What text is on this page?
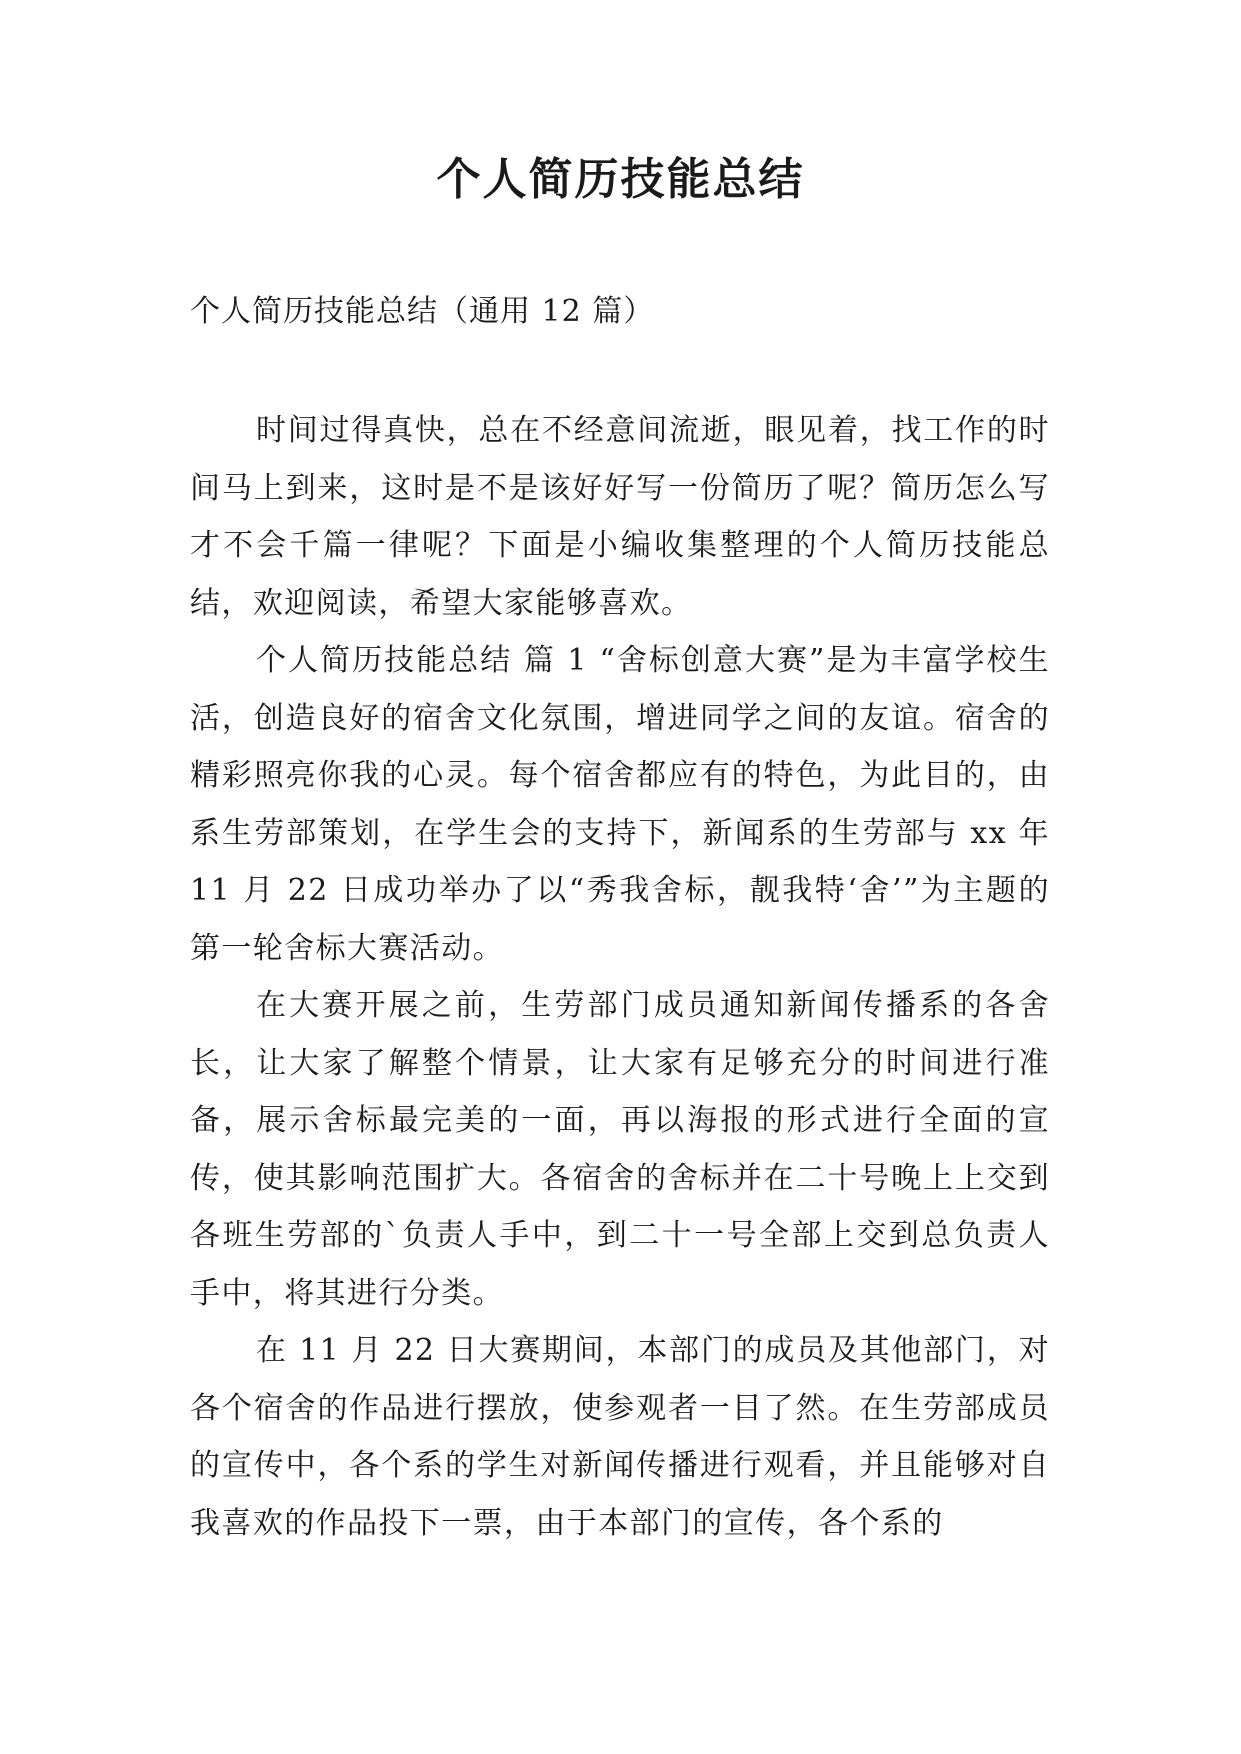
个人简历技能总结

个人简历技能总结（通用 12 篇）

时间过得真快，总在不经意间流逝，眼见着，找工作的时间马上到来，这时是不是该好好写一份简历了呢？简历怎么写才不会千篇一律呢？下面是小编收集整理的个人简历技能总结，欢迎阅读，希望大家能够喜欢。

个人简历技能总结 篇 1 “舍标创意大赛”是为丰富学校生活，创造良好的宿舍文化氛围，增进同学之间的友谊。宿舍的精彩照亮你我的心灵。每个宿舍都应有的特色，为此目的，由系生劳部策划，在学生会的支持下，新闻系的生劳部与 xx 年 11 月 22 日成功举办了以“秀我舍标，靓我特‘舍’”为主题的第一轮舍标大赛活动。

在大赛开展之前，生劳部门成员通知新闻传播系的各舍长，让大家了解整个情景，让大家有足够充分的时间进行准备，展示舍标最完美的一面，再以海报的形式进行全面的宣传，使其影响范围扩大。各宿舍的舍标并在二十号晚上上交到各班生劳部的`负责人手中，到二十一号全部上交到总负责人手中，将其进行分类。

在 11 月 22 日大赛期间，本部门的成员及其他部门，对各个宿舍的作品进行摆放，使参观者一目了然。在生劳部成员的宣传中，各个系的学生对新闻传播进行观看，并且能够对自我喜欢的作品投下一票，由于本部门的宣传，各个系的
